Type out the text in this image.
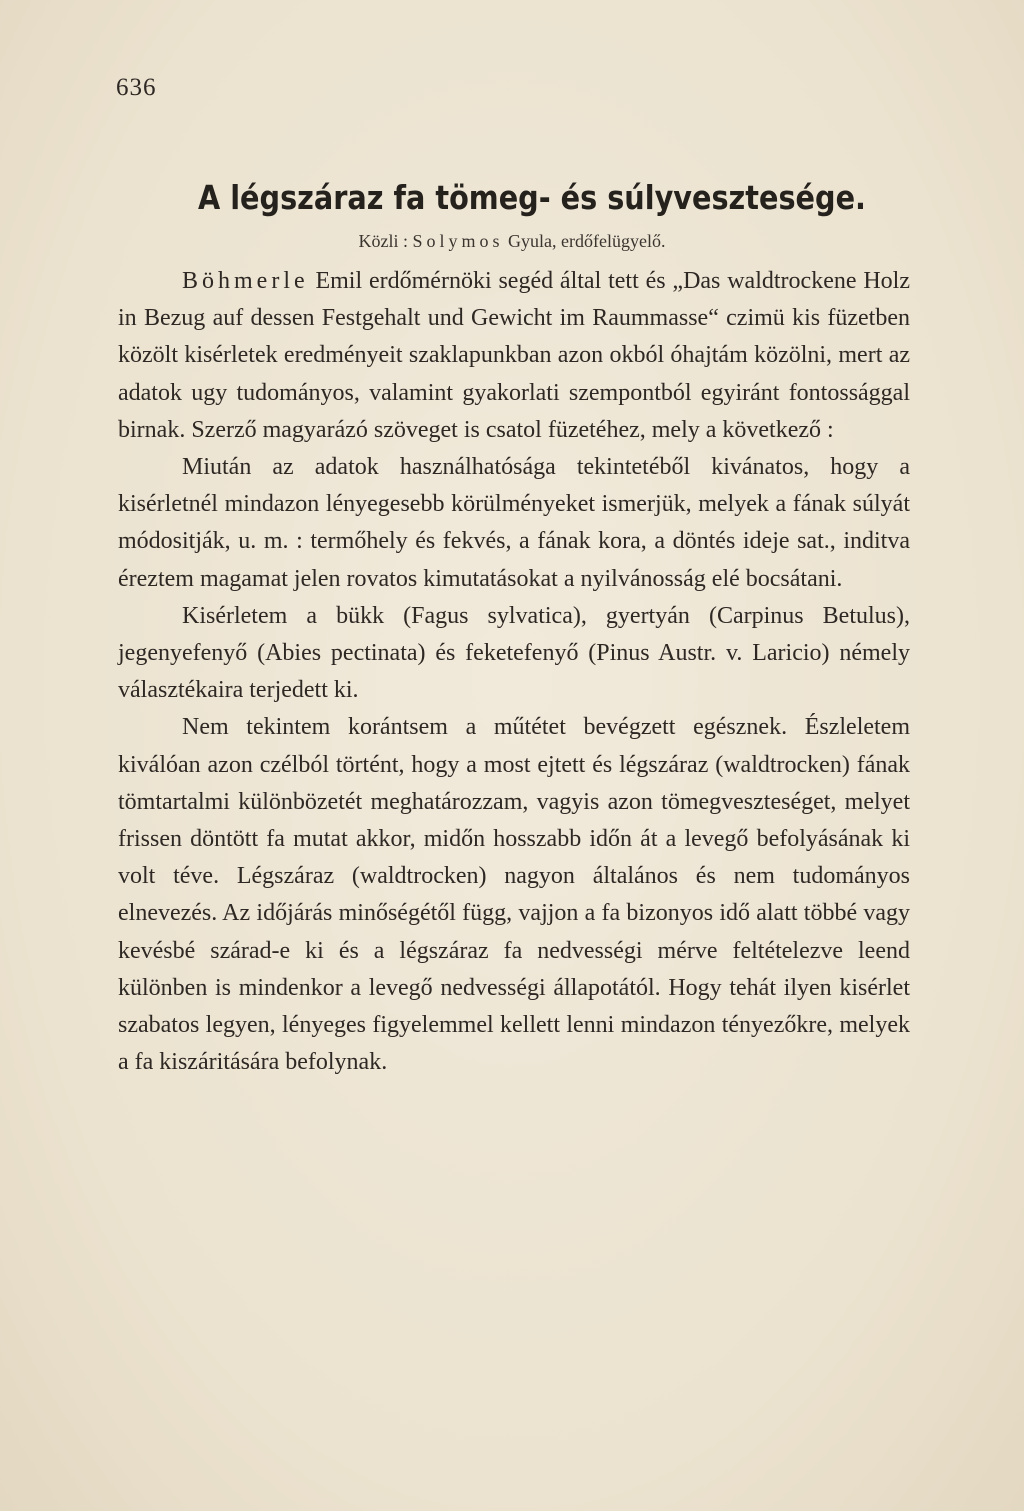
636
A légszáraz fa tömeg- és súlyvesztesége.
Közli : Solymos Gyula, erdőfelügyelő.

Böhmerle Emil erdőmérnöki segéd által tett és „Das waldtrockene Holz in Bezug auf dessen Festgehalt und Gewicht im Raummasse“ czimü kis füzetben közölt kisérletek eredményeit szaklapunkban azon okból óhajtám közölni, mert az adatok ugy tudományos, valamint gyakorlati szempontból egyiránt fontossággal birnak. Szerző magyarázó szöveget is csatol füzetéhez, mely a következő :

Miután az adatok használhatósága tekintetéből kivánatos, hogy a kisérletnél mindazon lényegesebb körülményeket ismerjük, melyek a fának súlyát módositják, u. m. : termőhely és fekvés, a fának kora, a döntés ideje sat., inditva éreztem magamat jelen rovatos kimutatásokat a nyilvánosság elé bocsátani.

Kisérletem a bükk (Fagus sylvatica), gyertyán (Carpinus Betulus), jegenyefenyő (Abies pectinata) és feketefenyő (Pinus Austr. v. Laricio) némely választékaira terjedett ki.

Nem tekintem korántsem a műtétet bevégzett egésznek. Észleletem kiválóan azon czélból történt, hogy a most ejtett és légszáraz (waldtrocken) fának tömtartalmi különbözetét meghatározzam, vagyis azon tömegveszteséget, melyet frissen döntött fa mutat akkor, midőn hosszabb időn át a levegő befolyásának ki volt téve. Légszáraz (waldtrocken) nagyon általános és nem tudományos elnevezés. Az időjárás minőségétől függ, vajjon a fa bizonyos idő alatt többé vagy kevésbé szárad-e ki és a légszáraz fa nedvességi mérve feltételezve leend különben is mindenkor a levegő nedvességi állapotától. Hogy tehát ilyen kisérlet szabatos legyen, lényeges figyelemmel kellett lenni mindazon tényezőkre, melyek a fa kiszáritására befolynak.
